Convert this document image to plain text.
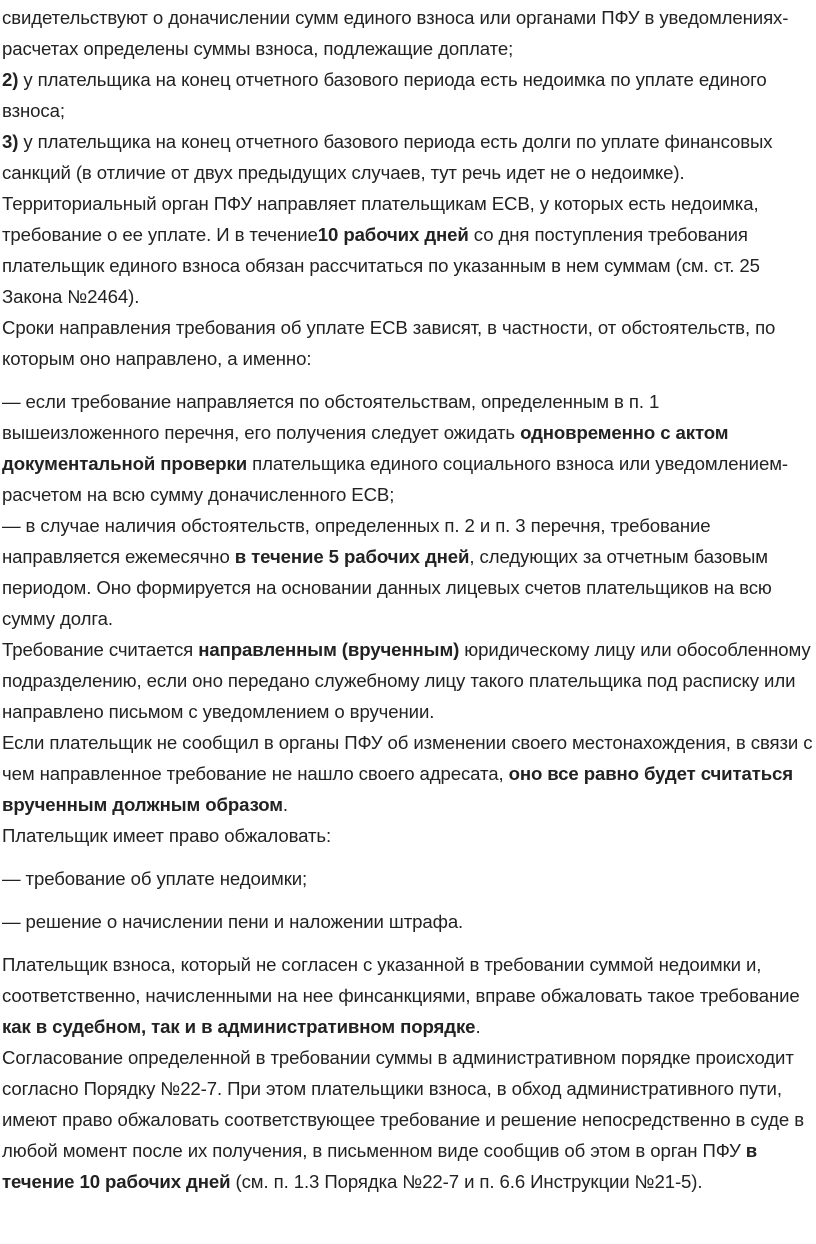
свидетельствуют о доначислении сумм единого взноса или органами ПФУ в уведомлениях-расчетах определены суммы взноса, подлежащие доплате;

2) у плательщика на конец отчетного базового периода есть недоимка по уплате единого взноса;

3) у плательщика на конец отчетного базового периода есть долги по уплате финансовых санкций (в отличие от двух предыдущих случаев, тут речь идет не о недоимке).

Территориальный орган ПФУ направляет плательщикам ЕСВ, у которых есть недоимка, требование о ее уплате. И в течение10 рабочих дней со дня поступления требования плательщик единого взноса обязан рассчитаться по указанным в нем суммам (см. ст. 25 Закона №2464).

Сроки направления требования об уплате ЕСВ зависят, в частности, от обстоятельств, по которым оно направлено, а именно:

— если требование направляется по обстоятельствам, определенным в п. 1 вышеизложенного перечня, его получения следует ожидать одновременно с актом документальной проверки плательщика единого социального взноса или уведомлением-расчетом на всю сумму доначисленного ЕСВ;

— в случае наличия обстоятельств, определенных п. 2 и п. 3 перечня, требование направляется ежемесячно в течение 5 рабочих дней, следующих за отчетным базовым периодом. Оно формируется на основании данных лицевых счетов плательщиков на всю сумму долга.

Требование считается направленным (врученным) юридическому лицу или обособленному подразделению, если оно передано служебному лицу такого плательщика под расписку или направлено письмом с уведомлением о вручении.

Если плательщик не сообщил в органы ПФУ об изменении своего местонахождения, в связи с чем направленное требование не нашло своего адресата, оно все равно будет считаться врученным должным образом.

Плательщик имеет право обжаловать:

— требование об уплате недоимки;

— решение о начислении пени и наложении штрафа.

Плательщик взноса, который не согласен с указанной в требовании суммой недоимки и, соответственно, начисленными на нее финсанкциями, вправе обжаловать такое требование как в судебном, так и в административном порядке.

Согласование определенной в требовании суммы в административном порядке происходит согласно Порядку №22-7. При этом плательщики взноса, в обход административного пути, имеют право обжаловать соответствующее требование и решение непосредственно в суде в любой момент после их получения, в письменном виде сообщив об этом в орган ПФУ в течение 10 рабочих дней (см. п. 1.3 Порядка №22-7 и п. 6.6 Инструкции №21-5).
